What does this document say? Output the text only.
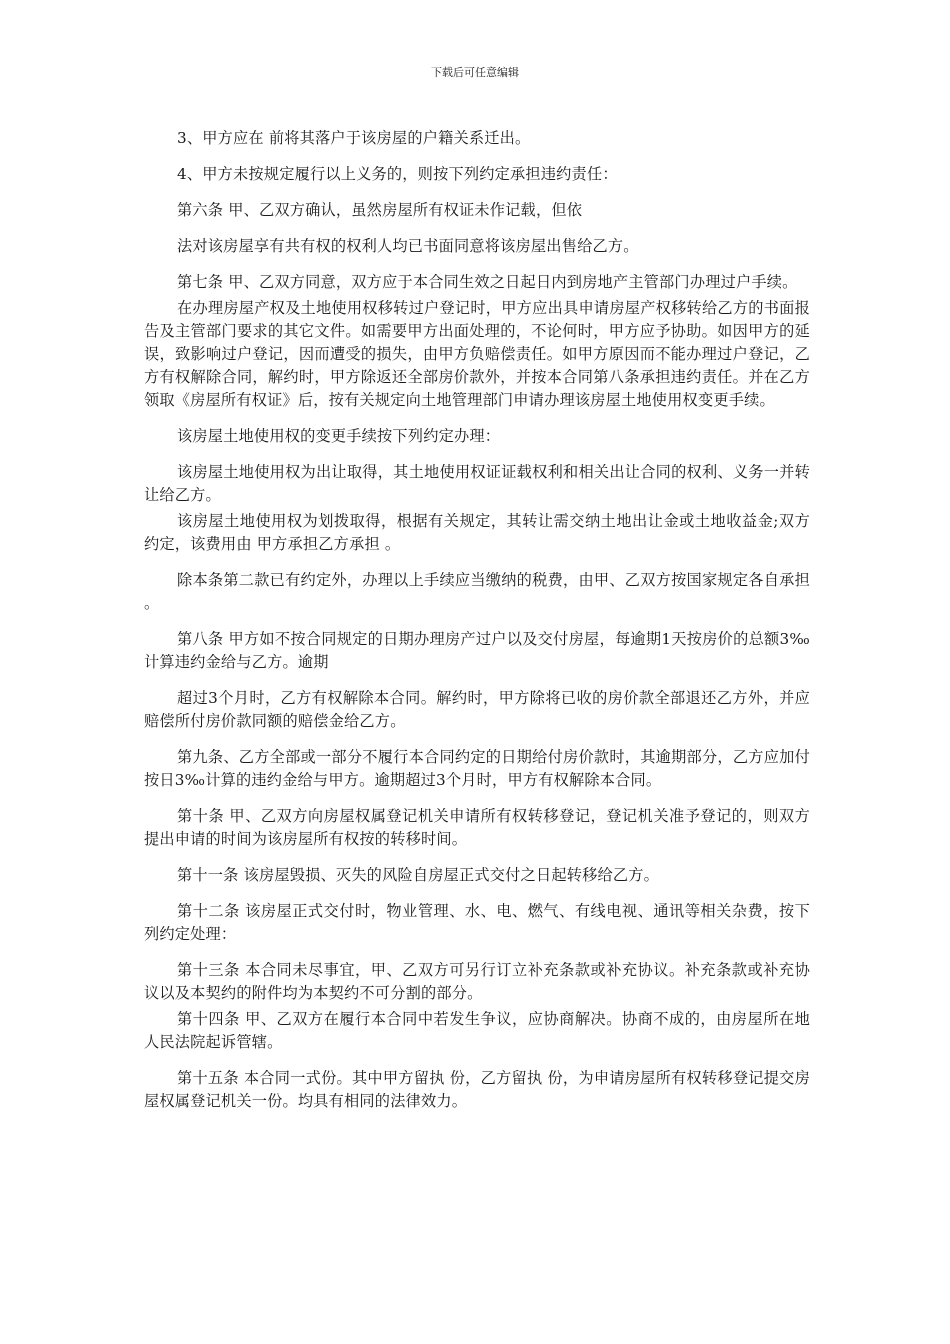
下载后可任意编辑

3、甲方应在 前将其落户于该房屋的户籍关系迁出。

4、甲方未按规定履行以上义务的，则按下列约定承担违约责任：

第六条 甲、乙双方确认，虽然房屋所有权证未作记载，但依

法对该房屋享有共有权的权利人均已书面同意将该房屋出售给乙方。

第七条 甲、乙双方同意，双方应于本合同生效之日起日内到房地产主管部门办理过户手续。

在办理房屋产权及土地使用权移转过户登记时，甲方应出具申请房屋产权移转给乙方的书面报告及主管部门要求的其它文件。如需要甲方出面处理的，不论何时，甲方应予协助。如因甲方的延误，致影响过户登记，因而遭受的损失，由甲方负赔偿责任。如甲方原因而不能办理过户登记，乙方有权解除合同，解约时，甲方除返还全部房价款外，并按本合同第八条承担违约责任。并在乙方领取《房屋所有权证》后，按有关规定向土地管理部门申请办理该房屋土地使用权变更手续。

该房屋土地使用权的变更手续按下列约定办理：

该房屋土地使用权为出让取得，其土地使用权证证载权利和相关出让合同的权利、义务一并转让给乙方。

该房屋土地使用权为划拨取得，根据有关规定，其转让需交纳土地出让金或土地收益金;双方约定，该费用由 甲方承担乙方承担 。

除本条第二款已有约定外，办理以上手续应当缴纳的税费，由甲、乙双方按国家规定各自承担 。

第八条 甲方如不按合同规定的日期办理房产过户以及交付房屋，每逾期1天按房价的总额3‰计算违约金给与乙方。逾期

超过3个月时，乙方有权解除本合同。解约时，甲方除将已收的房价款全部退还乙方外，并应赔偿所付房价款同额的赔偿金给乙方。

第九条、乙方全部或一部分不履行本合同约定的日期给付房价款时，其逾期部分，乙方应加付按日3‰计算的违约金给与甲方。逾期超过3个月时，甲方有权解除本合同。

第十条 甲、乙双方向房屋权属登记机关申请所有权转移登记，登记机关准予登记的，则双方提出申请的时间为该房屋所有权按的转移时间。

第十一条 该房屋毁损、灭失的风险自房屋正式交付之日起转移给乙方。

第十二条 该房屋正式交付时，物业管理、水、电、燃气、有线电视、通讯等相关杂费，按下列约定处理：

第十三条 本合同未尽事宜，甲、乙双方可另行订立补充条款或补充协议。补充条款或补充协议以及本契约的附件均为本契约不可分割的部分。

第十四条 甲、乙双方在履行本合同中若发生争议，应协商解决。协商不成的，由房屋所在地人民法院起诉管辖。

第十五条 本合同一式份。其中甲方留执 份，乙方留执 份，为申请房屋所有权转移登记提交房屋权属登记机关一份。均具有相同的法律效力。
